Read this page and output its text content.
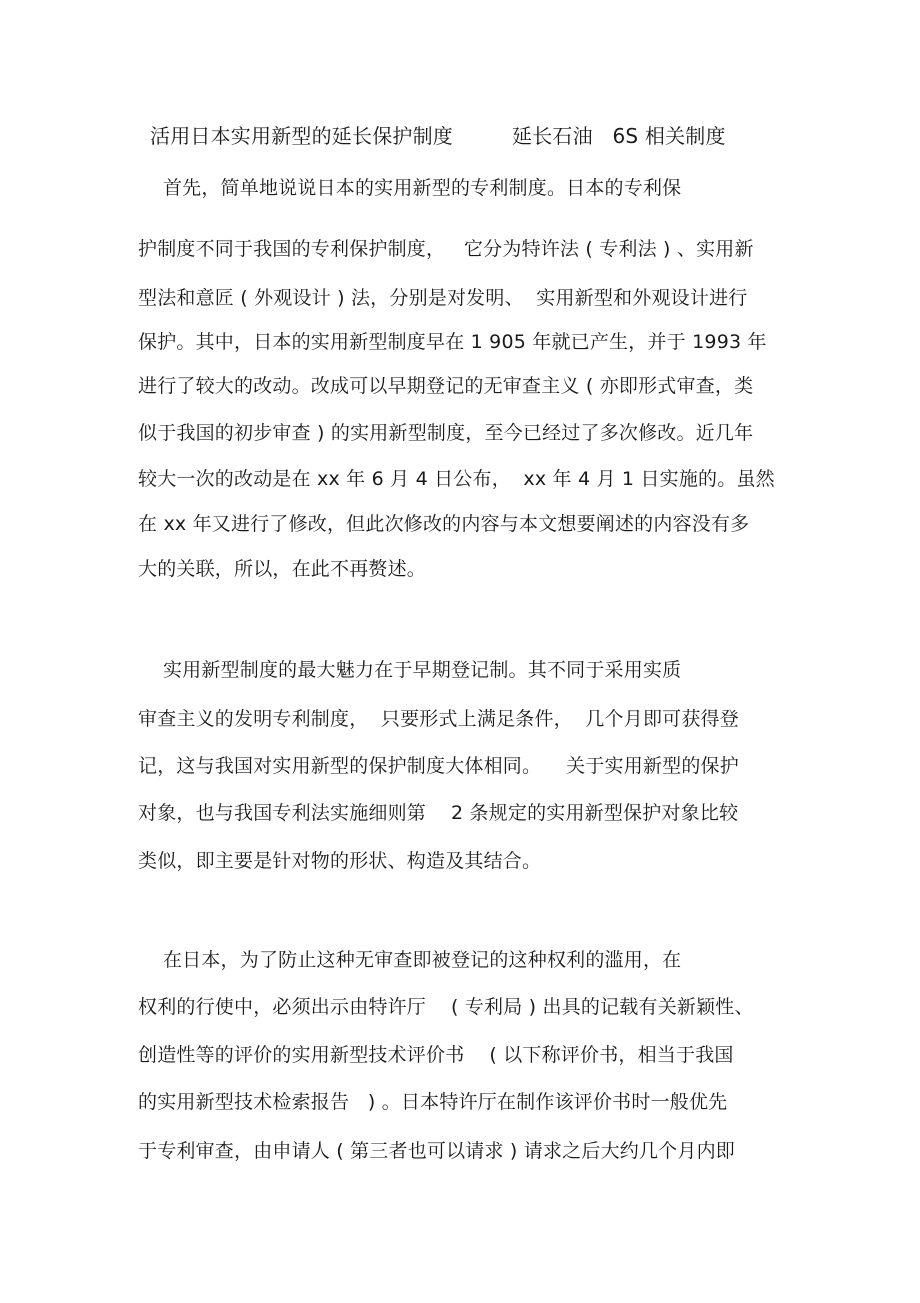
活用日本实用新型的延长保护制度         延长石油   6S 相关制度
首先，简单地说说日本的实用新型的专利制度。日本的专利保
护制度不同于我国的专利保护制度，   它分为特许法 ( 专利法 ) 、实用新
型法和意匠 ( 外观设计 ) 法，分别是对发明、  实用新型和外观设计进行
保护。其中，日本的实用新型制度早在 1 905 年就已产生，并于 1993 年
进行了较大的改动。改成可以早期登记的无审查主义 ( 亦即形式审查，类
似于我国的初步审查 ) 的实用新型制度，至今已经过了多次修改。近几年
较大一次的改动是在 xx 年 6 月 4 日公布，  xx 年 4 月 1 日实施的。虽然
在 xx 年又进行了修改，但此次修改的内容与本文想要阐述的内容没有多
大的关联，所以，在此不再赘述。
实用新型制度的最大魅力在于早期登记制。其不同于采用实质
审查主义的发明专利制度，  只要形式上满足条件，  几个月即可获得登
记，这与我国对实用新型的保护制度大体相同。    关于实用新型的保护
对象，也与我国专利法实施细则第    2 条规定的实用新型保护对象比较
类似，即主要是针对物的形状、构造及其结合。
在日本，为了防止这种无审查即被登记的这种权利的滥用，在
权利的行使中，必须出示由特许厅    ( 专利局 ) 出具的记载有关新颖性、
创造性等的评价的实用新型技术评价书    ( 以下称评价书，相当于我国
的实用新型技术检索报告   ) 。日本特许厅在制作该评价书时一般优先
于专利审查，由申请人 ( 第三者也可以请求 ) 请求之后大约几个月内即
